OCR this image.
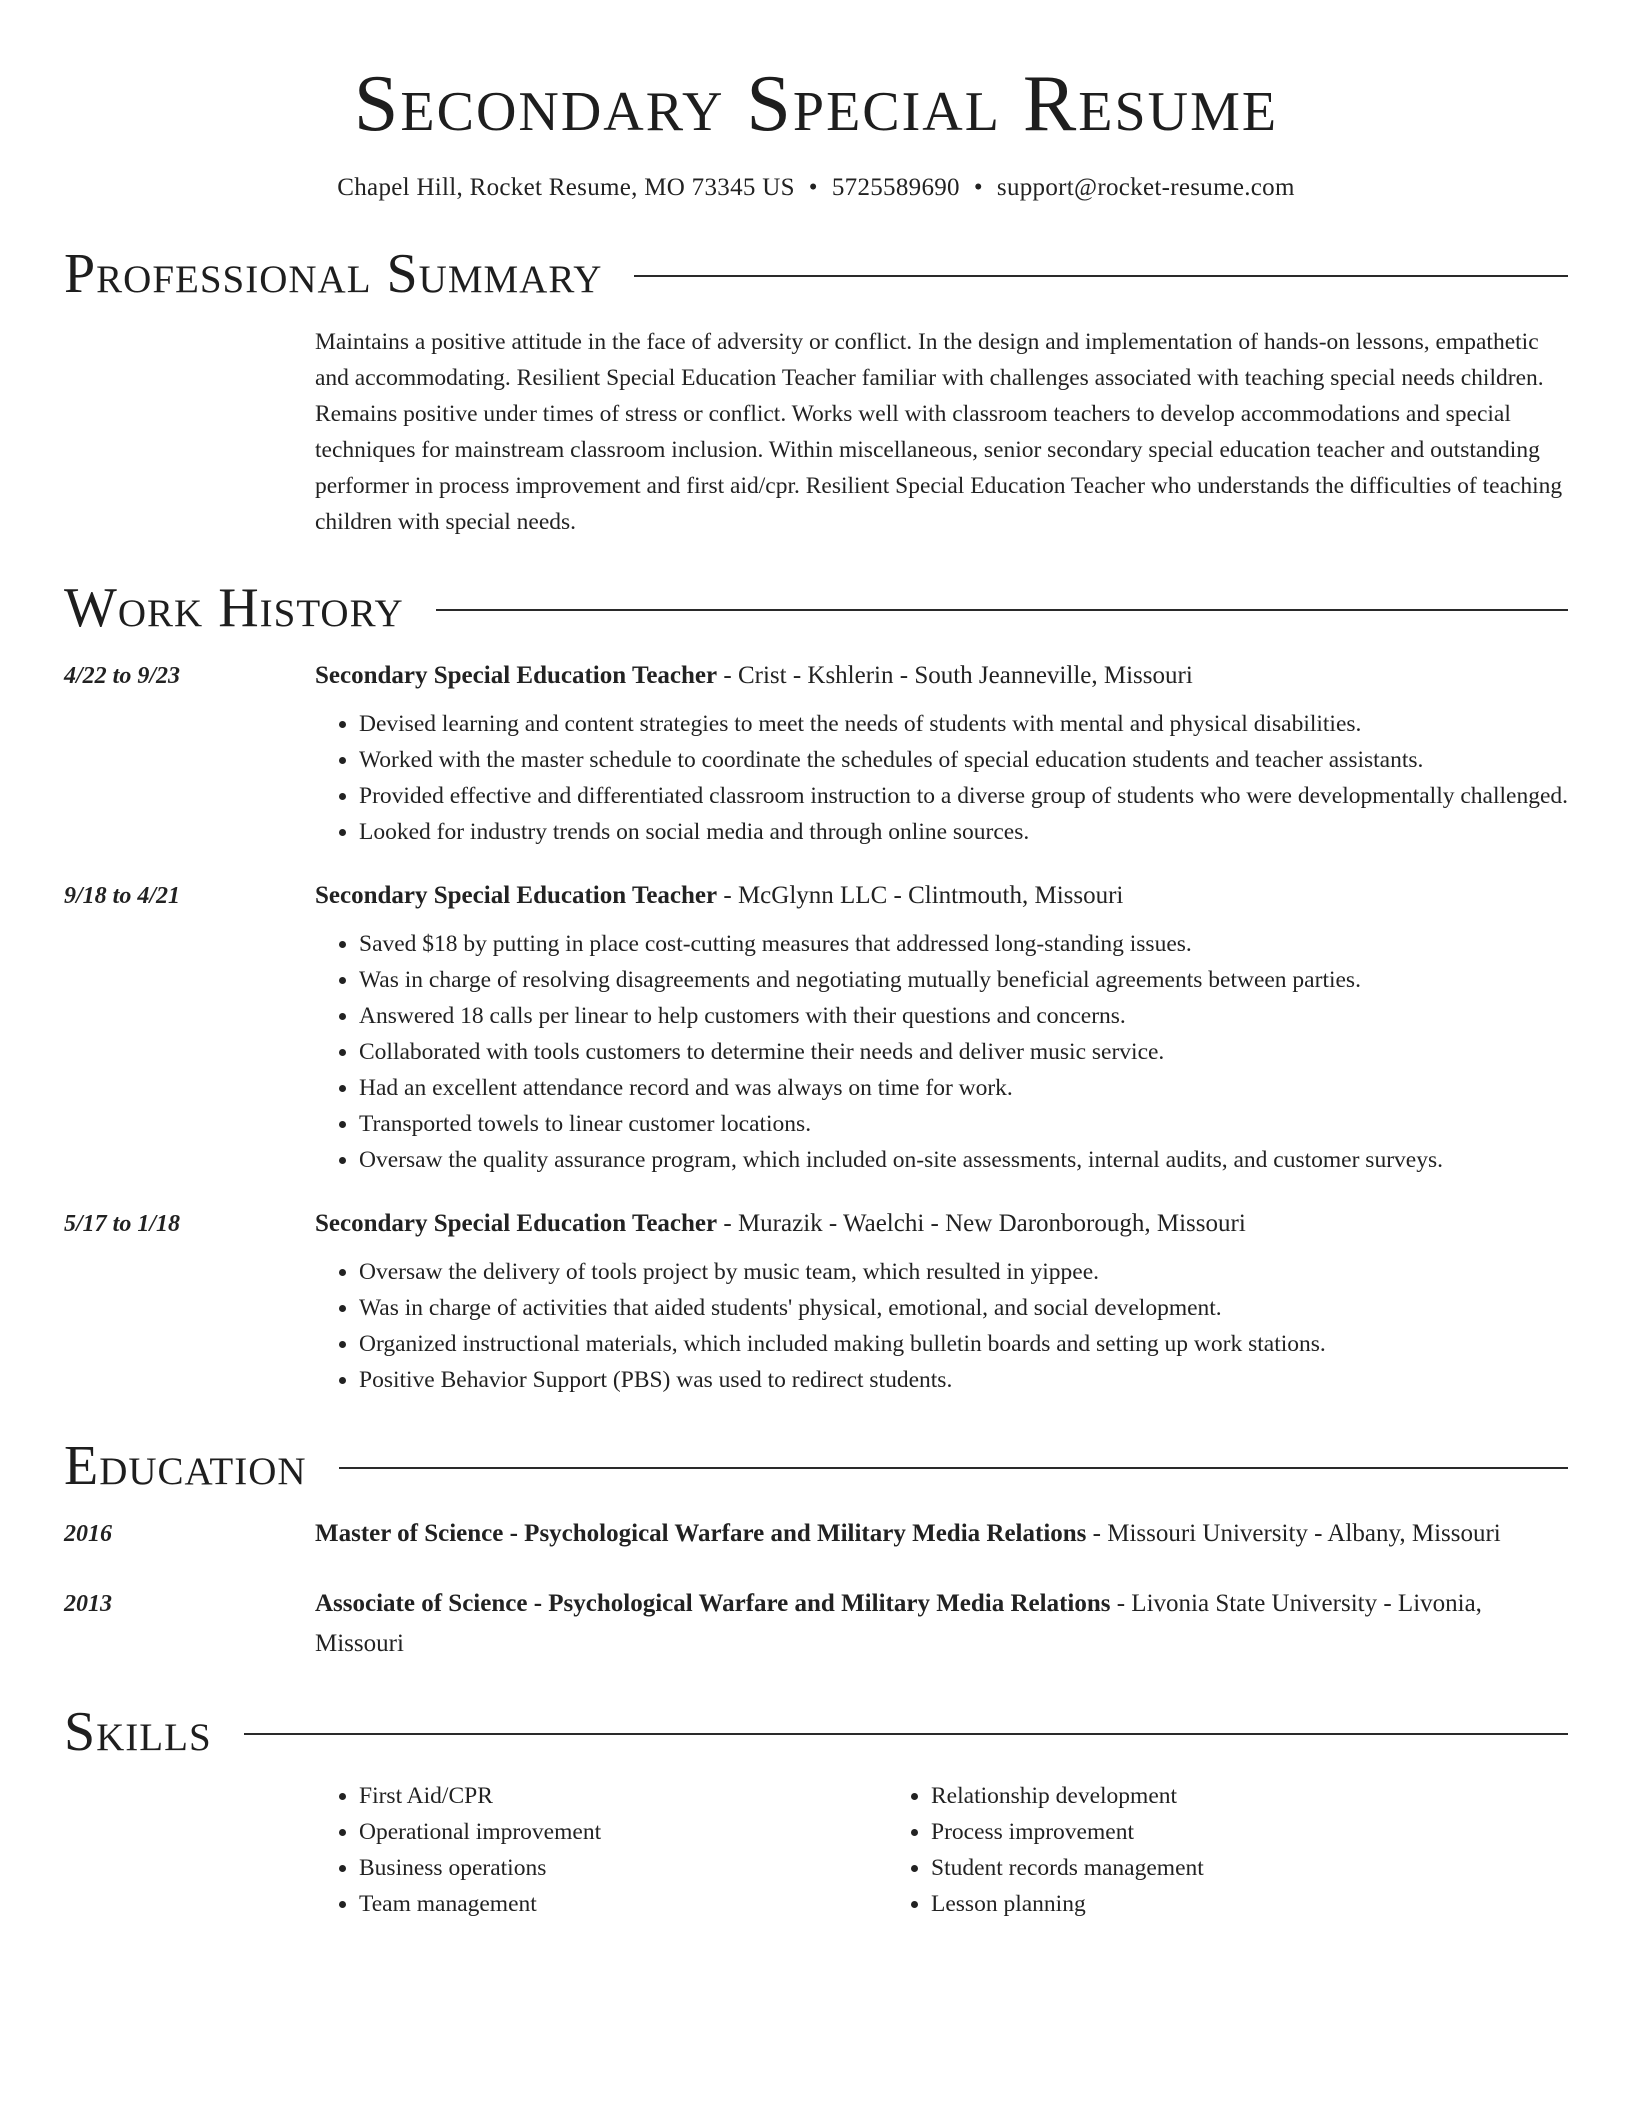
Secondary Special Resume
Chapel Hill, Rocket Resume, MO 73345 US • 5725589690 • support@rocket-resume.com
Professional Summary
Maintains a positive attitude in the face of adversity or conflict. In the design and implementation of hands-on lessons, empathetic and accommodating. Resilient Special Education Teacher familiar with challenges associated with teaching special needs children. Remains positive under times of stress or conflict. Works well with classroom teachers to develop accommodations and special techniques for mainstream classroom inclusion. Within miscellaneous, senior secondary special education teacher and outstanding performer in process improvement and first aid/cpr. Resilient Special Education Teacher who understands the difficulties of teaching children with special needs.
Work History
4/22 to 9/23	Secondary Special Education Teacher - Crist - Kshlerin - South Jeanneville, Missouri
• Devised learning and content strategies to meet the needs of students with mental and physical disabilities.
• Worked with the master schedule to coordinate the schedules of special education students and teacher assistants.
• Provided effective and differentiated classroom instruction to a diverse group of students who were developmentally challenged.
• Looked for industry trends on social media and through online sources.
9/18 to 4/21	Secondary Special Education Teacher - McGlynn LLC - Clintmouth, Missouri
• Saved $18 by putting in place cost-cutting measures that addressed long-standing issues.
• Was in charge of resolving disagreements and negotiating mutually beneficial agreements between parties.
• Answered 18 calls per linear to help customers with their questions and concerns.
• Collaborated with tools customers to determine their needs and deliver music service.
• Had an excellent attendance record and was always on time for work.
• Transported towels to linear customer locations.
• Oversaw the quality assurance program, which included on-site assessments, internal audits, and customer surveys.
5/17 to 1/18	Secondary Special Education Teacher - Murazik - Waelchi - New Daronborough, Missouri
• Oversaw the delivery of tools project by music team, which resulted in yippee.
• Was in charge of activities that aided students' physical, emotional, and social development.
• Organized instructional materials, which included making bulletin boards and setting up work stations.
• Positive Behavior Support (PBS) was used to redirect students.
Education
2016	Master of Science - Psychological Warfare and Military Media Relations - Missouri University - Albany, Missouri
2013	Associate of Science - Psychological Warfare and Military Media Relations - Livonia State University - Livonia, Missouri
Skills
• First Aid/CPR
• Operational improvement
• Business operations
• Team management
• Relationship development
• Process improvement
• Student records management
• Lesson planning
